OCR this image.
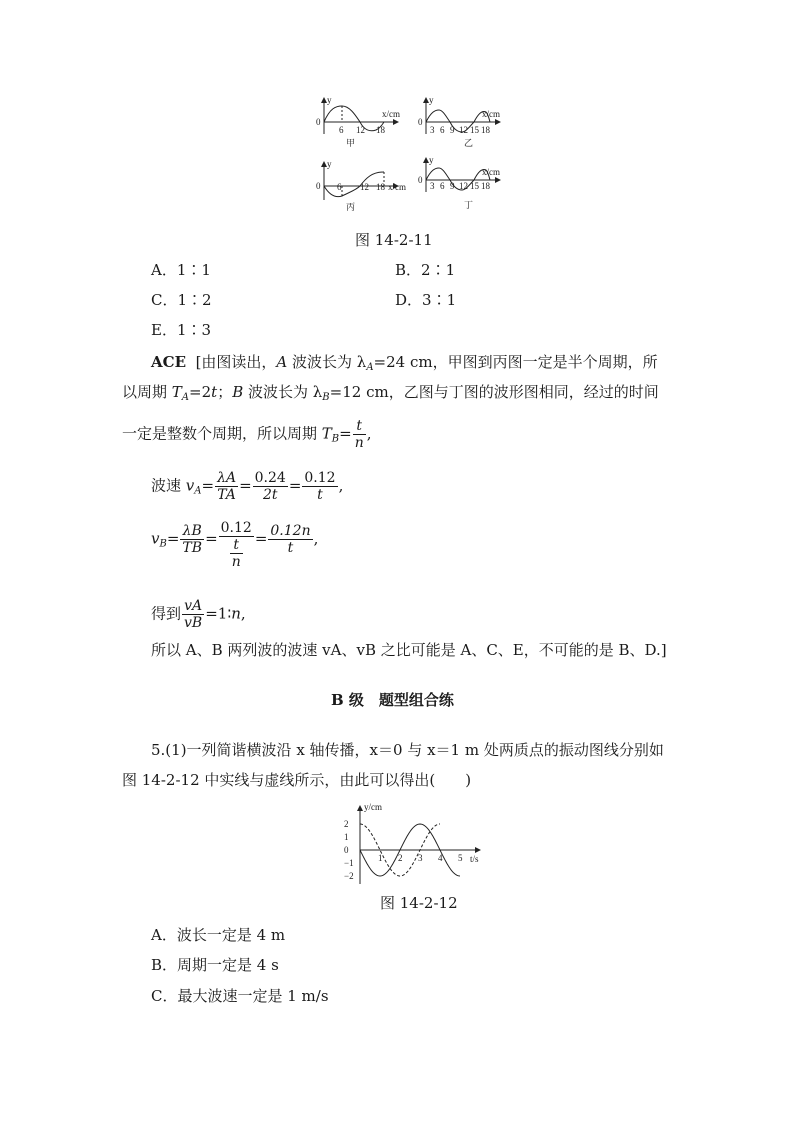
y
x/cm
0
6 12 18
甲
y
x/cm
0
3 6 9 12 15 18
乙
y
x/cm
0 6 12 18
丙
y
x/cm
0
3 6 9 12 15 18
丁
图 14-2-11
A．1∶1	B．2∶1
C．1∶2	D．3∶1
E．1∶3
ACE [由图读出，A 波波长为 $\lambda_A=24$ cm，甲图到丙图一定是半个周期，所
以周期 $T_A=2t$；B 波波长为 $\lambda_B=12$ cm，乙图与丁图的波形图相同，经过的时间
一定是整数个周期，所以周期 $T_B= \frac{t}{n}$ ,
波速 $v_A= \frac{\lambda A}{TA} = \frac{0.24}{2t} = \frac{0.12}{t}$ ,
$v_B= \frac{\lambda B}{TB} = \frac{0.12}{\frac{t}{n}} = \frac{0.12n}{t}$ ,
得到 $\frac{vA}{vB}$ =1∶n,
所以 A、B 两列波的波速 vA、vB 之比可能是 A、C、E，不可能的是 B、D.]
B 级　题型组合练
5.(1)一列简谐横波沿 x 轴传播，x＝0 与 x＝1 m 处两质点的振动图线分别如
图 14-2-12 中实线与虚线所示，由此可以得出(　　)
y/cm
t/s
2
1
0
−1
−2
1 2 3 4 5
图 14-2-12
A．波长一定是 4 m
B．周期一定是 4 s
C．最大波速一定是 1 m/s
